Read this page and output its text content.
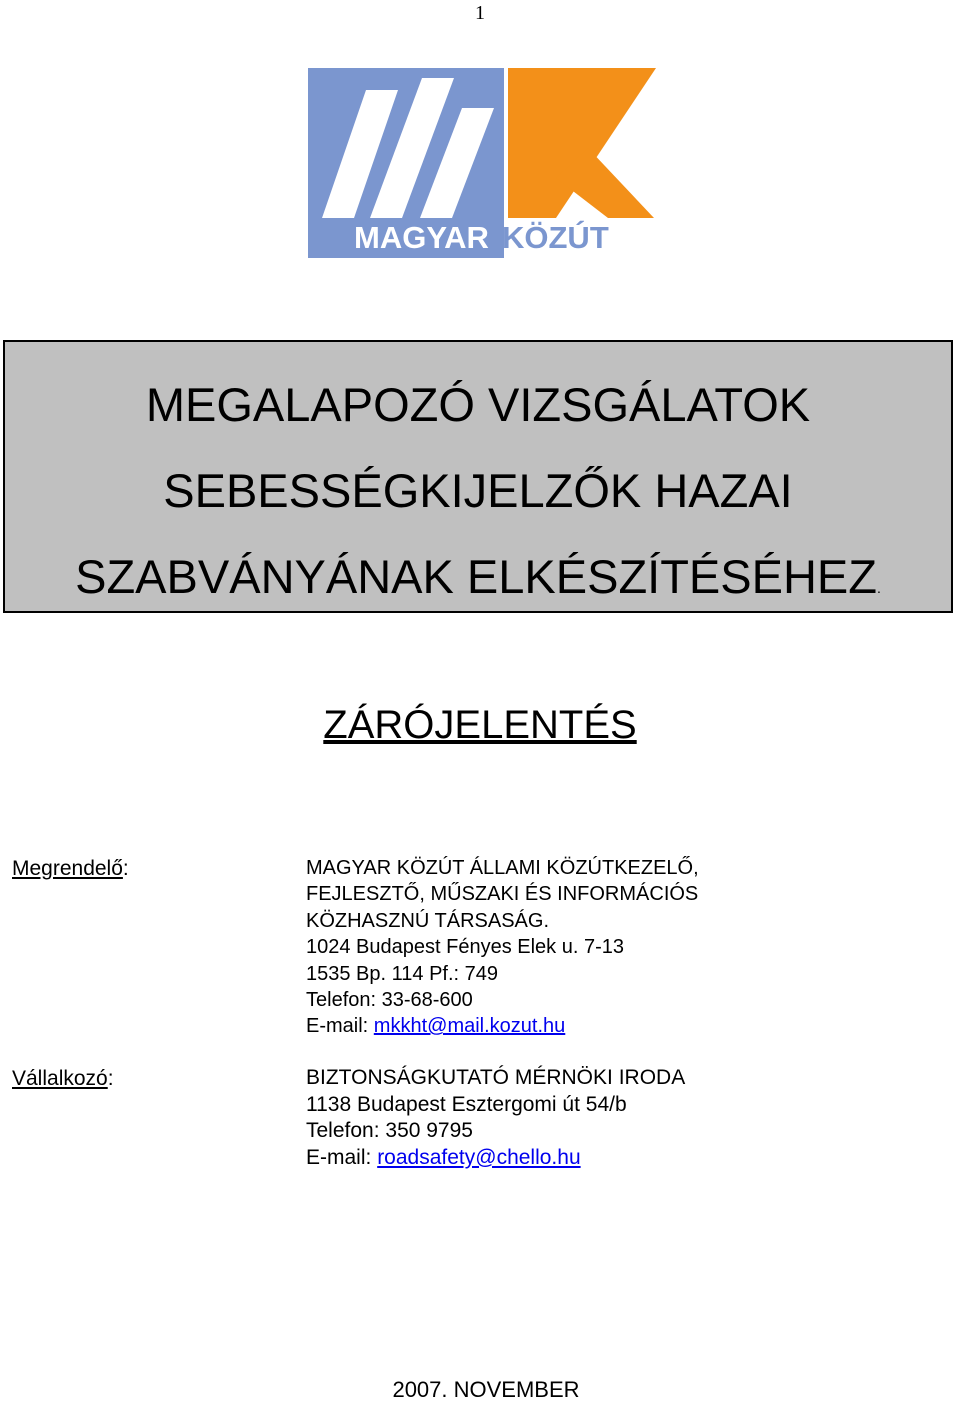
1
MAGYAR KÖZÚT
MEGALAPOZÓ VIZSGÁLATOK
SEBESSÉGKIJELZŐK HAZAI
SZABVÁNYÁNAK ELKÉSZÍTÉSÉHEZ.
ZÁRÓJELENTÉS
Megrendelő:	MAGYAR KÖZÚT ÁLLAMI KÖZÚTKEZELŐ,
FEJLESZTŐ, MŰSZAKI ÉS INFORMÁCIÓS
KÖZHASZNÚ TÁRSASÁG.
1024 Budapest Fényes Elek u. 7-13
1535 Bp. 114 Pf.: 749
Telefon: 33-68-600
E-mail: mkkht@mail.kozut.hu
Vállalkozó:	BIZTONSÁGKUTATÓ MÉRNÖKI IRODA
1138 Budapest Esztergomi út 54/b
Telefon: 350 9795
E-mail: roadsafety@chello.hu
2007. NOVEMBER
